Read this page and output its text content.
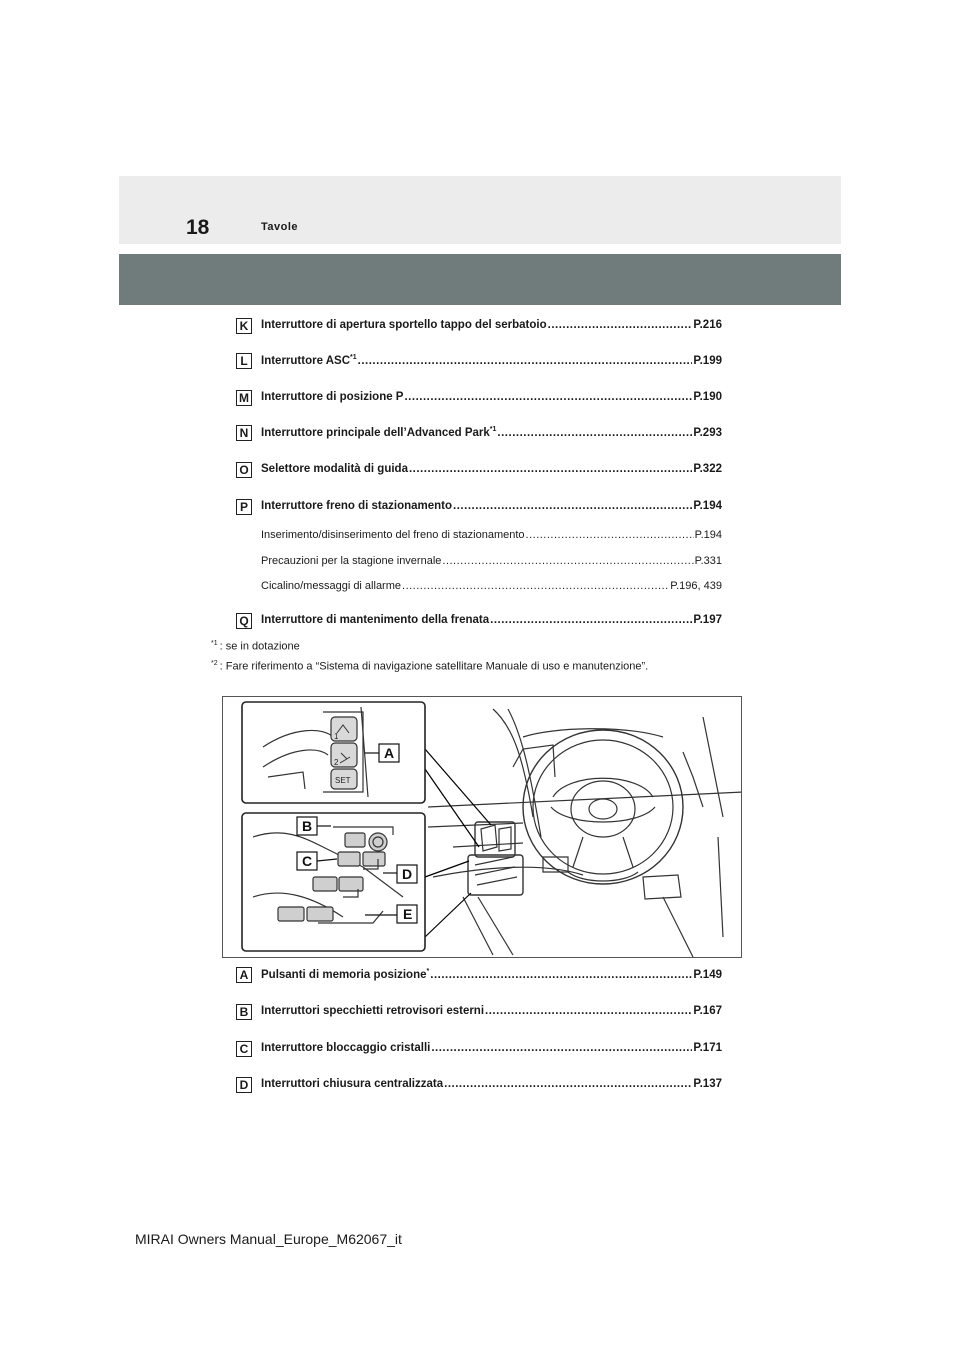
18	Tavole
K	Interruttore di apertura sportello tappo del serbatoio .....	P.216
L	Interruttore ASC$^{*1}$ .....	P.199
M Interruttore di posizione P .....	P.190
N	Interruttore principale dell’Advanced Park$^{*1}$ .....	P.293
O Selettore modalità di guida .....	P.322
P	Interruttore freno di stazionamento .....	P.194
Inserimento/disinserimento del freno di stazionamento .....	P.194
Precauzioni per la stagione invernale .....	P.331
Cicalino/messaggi di allarme .....	P.196, 439
Q Interruttore di mantenimento della frenata .....	P.197
$^{*1}$ : se in dotazione
$^{*2}$ : Fare riferimento a “Sistema di navigazione satellitare Manuale di uso e manutenzione”.
A
B
C
D
E
1
2
SET
A	Pulsanti di memoria posizione* .....	P.149
B	Interruttori specchietti retrovisori esterni .....	P.167
C	Interruttore bloccaggio cristalli .....	P.171
D	Interruttori chiusura centralizzata .....	P.137
MIRAI Owners Manual_Europe_M62067_it
